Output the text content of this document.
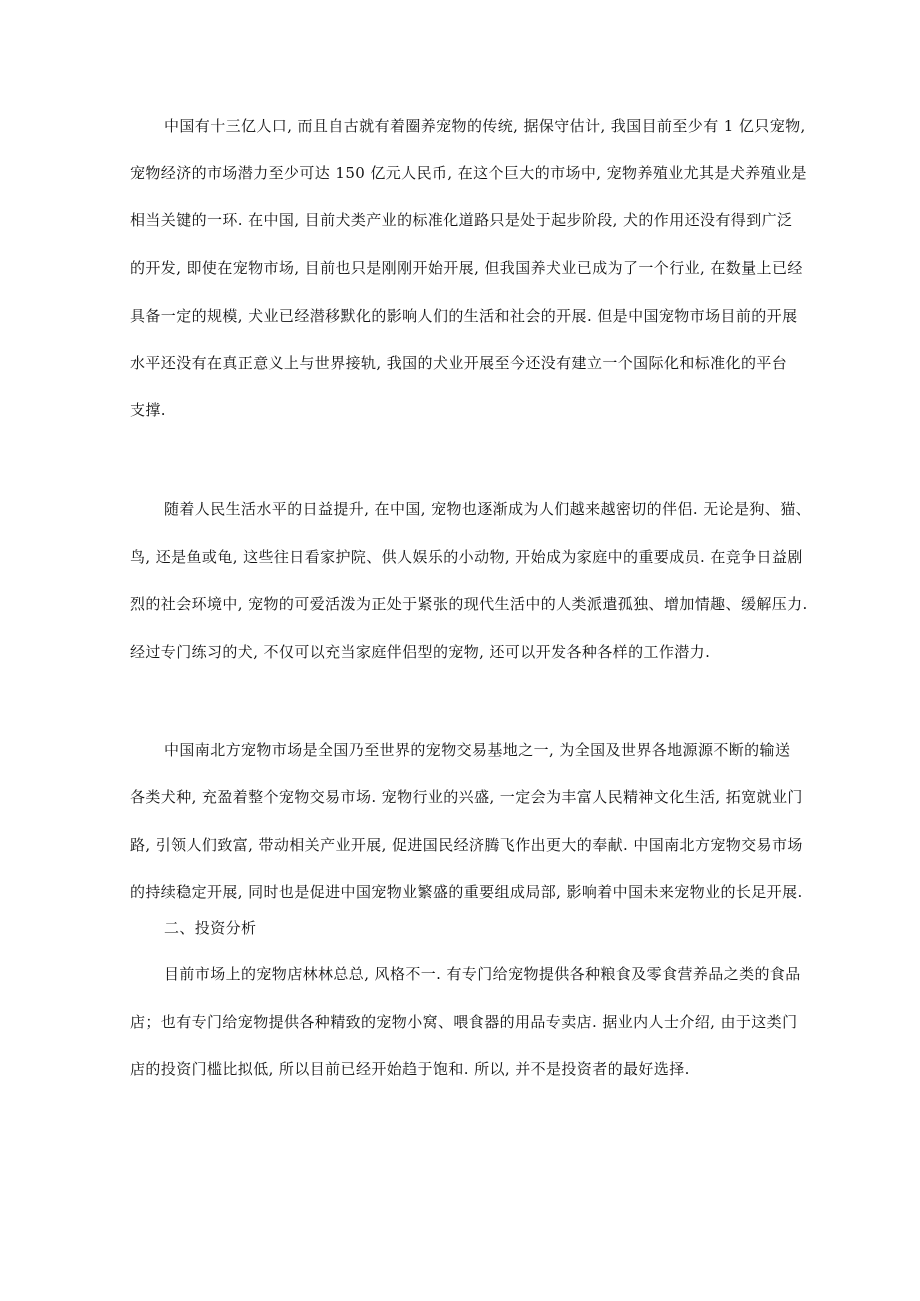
中国有十三亿人口, 而且自古就有着圈养宠物的传统, 据保守估计, 我国目前至少有 1 亿只宠物,
宠物经济的市场潜力至少可达 150 亿元人民币, 在这个巨大的市场中, 宠物养殖业尤其是犬养殖业是
相当关键的一环. 在中国, 目前犬类产业的标准化道路只是处于起步阶段, 犬的作用还没有得到广泛
的开发, 即使在宠物市场, 目前也只是刚刚开始开展, 但我国养犬业已成为了一个行业, 在数量上已经
具备一定的规模, 犬业已经潜移默化的影响人们的生活和社会的开展. 但是中国宠物市场目前的开展
水平还没有在真正意义上与世界接轨, 我国的犬业开展至今还没有建立一个国际化和标准化的平台
支撑.
随着人民生活水平的日益提升, 在中国, 宠物也逐渐成为人们越来越密切的伴侣. 无论是狗、猫、
鸟, 还是鱼或龟, 这些往日看家护院、供人娱乐的小动物, 开始成为家庭中的重要成员. 在竞争日益剧
烈的社会环境中, 宠物的可爱活泼为正处于紧张的现代生活中的人类派遣孤独、增加情趣、缓解压力.
经过专门练习的犬, 不仅可以充当家庭伴侣型的宠物, 还可以开发各种各样的工作潜力.
中国南北方宠物市场是全国乃至世界的宠物交易基地之一, 为全国及世界各地源源不断的输送
各类犬种, 充盈着整个宠物交易市场. 宠物行业的兴盛, 一定会为丰富人民精神文化生活, 拓宽就业门
路, 引领人们致富, 带动相关产业开展, 促进国民经济腾飞作出更大的奉献. 中国南北方宠物交易市场
的持续稳定开展, 同时也是促进中国宠物业繁盛的重要组成局部, 影响着中国未来宠物业的长足开展.
二、投资分析
目前市场上的宠物店林林总总, 风格不一. 有专门给宠物提供各种粮食及零食营养品之类的食品
店；也有专门给宠物提供各种精致的宠物小窝、喂食器的用品专卖店. 据业内人士介绍, 由于这类门
店的投资门槛比拟低, 所以目前已经开始趋于饱和. 所以, 并不是投资者的最好选择.
